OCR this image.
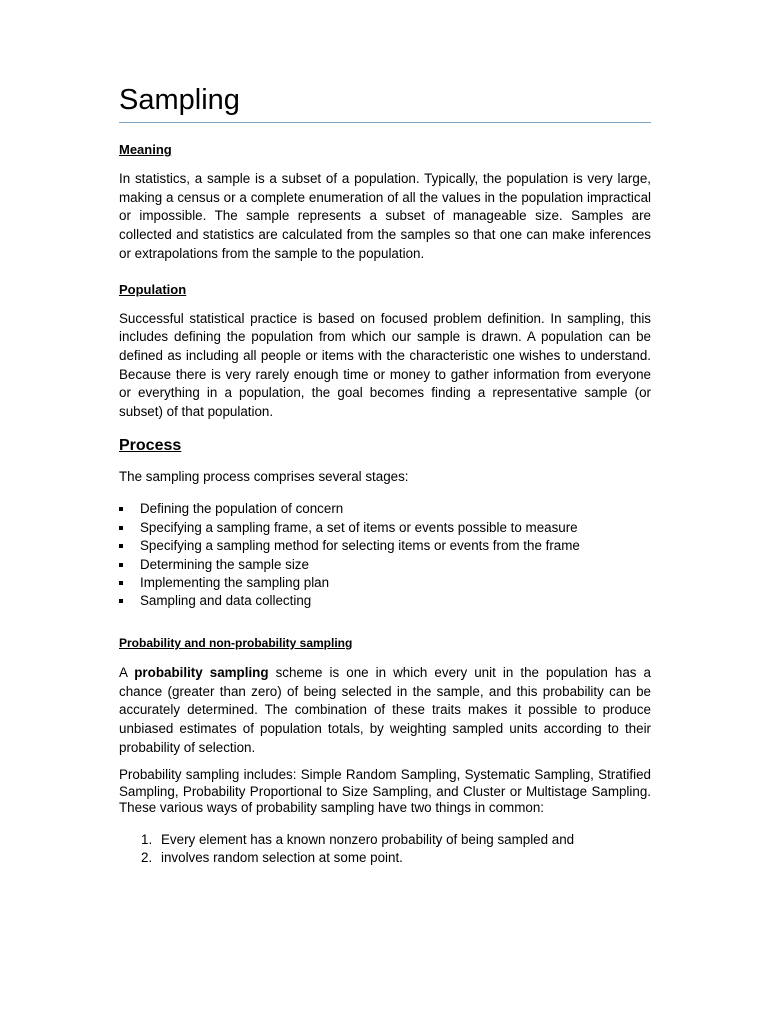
Sampling
Meaning

In statistics, a sample is a subset of a population. Typically, the population is very large, making a census or a complete enumeration of all the values in the population impractical or impossible. The sample represents a subset of manageable size. Samples are collected and statistics are calculated from the samples so that one can make inferences or extrapolations from the sample to the population.

Population

Successful statistical practice is based on focused problem definition. In sampling, this includes defining the population from which our sample is drawn. A population can be defined as including all people or items with the characteristic one wishes to understand. Because there is very rarely enough time or money to gather information from everyone or everything in a population, the goal becomes finding a representative sample (or subset) of that population.

Process

The sampling process comprises several stages:

Defining the population of concern
Specifying a sampling frame, a set of items or events possible to measure
Specifying a sampling method for selecting items or events from the frame
Determining the sample size
Implementing the sampling plan
Sampling and data collecting
Probability and non-probability sampling

A probability sampling scheme is one in which every unit in the population has a chance (greater than zero) of being selected in the sample, and this probability can be accurately determined. The combination of these traits makes it possible to produce unbiased estimates of population totals, by weighting sampled units according to their probability of selection.

Probability sampling includes: Simple Random Sampling, Systematic Sampling, Stratified Sampling, Probability Proportional to Size Sampling, and Cluster or Multistage Sampling. These various ways of probability sampling have two things in common:

1. Every element has a known nonzero probability of being sampled and
2. involves random selection at some point.
